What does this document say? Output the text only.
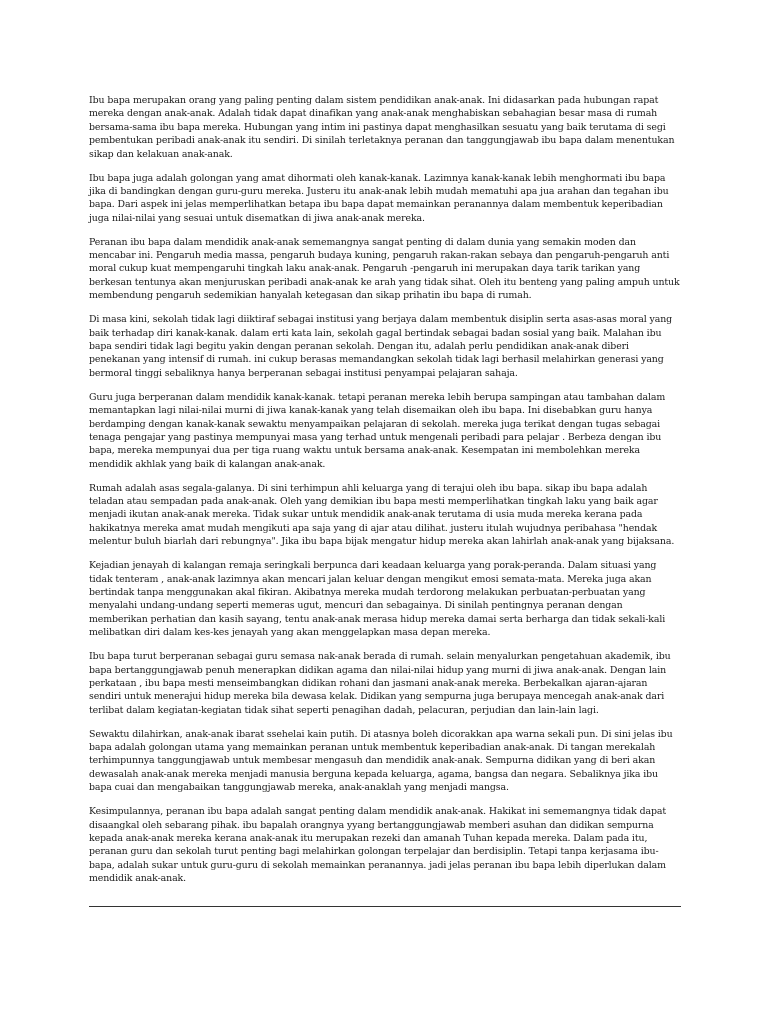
Ibu bapa merupakan orang yang paling penting dalam sistem pendidikan anak-anak. Ini didasarkan pada hubungan rapat mereka dengan anak-anak. Adalah tidak dapat dinafikan yang anak-anak menghabiskan sebahagian besar masa di rumah bersama-sama ibu bapa mereka. Hubungan yang intim ini pastinya dapat menghasilkan sesuatu yang baik terutama di segi pembentukan peribadi anak-anak itu sendiri. Di sinilah terletaknya peranan dan tanggungjawab ibu bapa dalam menentukan sikap dan kelakuan anak-anak.

Ibu bapa juga adalah golongan yang amat dihormati oleh kanak-kanak. Lazimnya kanak-kanak lebih menghormati ibu bapa jika di bandingkan dengan guru-guru mereka. Justeru itu anak-anak lebih mudah mematuhi apa jua arahan dan tegahan ibu bapa. Dari aspek ini jelas memperlihatkan betapa ibu bapa dapat memainkan peranannya dalam membentuk keperibadian juga nilai-nilai yang sesuai untuk disematkan di jiwa anak-anak mereka.

Peranan ibu bapa dalam mendidik anak-anak sememangnya sangat penting di dalam dunia yang semakin moden dan mencabar ini. Pengaruh media massa, pengaruh budaya kuning, pengaruh rakan-rakan sebaya dan pengaruh-pengaruh anti moral cukup kuat mempengaruhi tingkah laku anak-anak. Pengaruh -pengaruh ini merupakan daya tarik tarikan yang berkesan tentunya akan menjuruskan peribadi anak-anak ke arah yang tidak sihat. Oleh itu benteng yang paling ampuh untuk membendung pengaruh sedemikian hanyalah ketegasan dan sikap prihatin ibu bapa di rumah.

Di masa kini, sekolah tidak lagi diiktiraf sebagai institusi yang berjaya dalam membentuk disiplin serta asas-asas moral yang baik terhadap diri kanak-kanak. dalam erti kata lain, sekolah gagal bertindak sebagai badan sosial yang baik. Malahan ibu bapa sendiri tidak lagi begitu yakin dengan peranan sekolah. Dengan itu, adalah perlu pendidikan anak-anak diberi penekanan yang intensif di rumah. ini cukup berasas memandangkan sekolah tidak lagi berhasil melahirkan generasi yang bermoral tinggi sebaliknya hanya berperanan sebagai institusi penyampai pelajaran sahaja.

Guru juga berperanan dalam mendidik kanak-kanak. tetapi peranan mereka lebih berupa sampingan atau tambahan dalam memantapkan lagi nilai-nilai murni di jiwa kanak-kanak yang telah disemaikan oleh ibu bapa. Ini disebabkan guru hanya berdamping dengan kanak-kanak sewaktu menyampaikan pelajaran di sekolah. mereka juga terikat dengan tugas sebagai tenaga pengajar yang pastinya mempunyai masa yang terhad untuk mengenali peribadi para pelajar . Berbeza dengan ibu bapa, mereka mempunyai dua per tiga ruang waktu untuk bersama anak-anak. Kesempatan ini membolehkan mereka mendidik akhlak yang baik di kalangan anak-anak.

Rumah adalah asas segala-galanya. Di sini terhimpun ahli keluarga yang di terajui oleh ibu bapa. sikap ibu bapa adalah teladan atau sempadan pada anak-anak. Oleh yang demikian ibu bapa mesti memperlihatkan tingkah laku yang baik agar menjadi ikutan anak-anak mereka. Tidak sukar untuk mendidik anak-anak terutama di usia muda mereka kerana pada hakikatnya mereka amat mudah mengikuti apa saja yang di ajar atau dilihat. justeru itulah wujudnya peribahasa "hendak melentur buluh biarlah dari rebungnya". Jika ibu bapa bijak mengatur hidup mereka akan lahirlah anak-anak yang bijaksana.

Kejadian jenayah di kalangan remaja seringkali berpunca dari keadaan keluarga yang porak-peranda. Dalam situasi yang tidak tenteram , anak-anak lazimnya akan mencari jalan keluar dengan mengikut emosi semata-mata. Mereka juga akan bertindak tanpa menggunakan akal fikiran. Akibatnya mereka mudah terdorong melakukan perbuatan-perbuatan yang menyalahi undang-undang seperti memeras ugut, mencuri dan sebagainya. Di sinilah pentingnya peranan dengan memberikan perhatian dan kasih sayang, tentu anak-anak merasa hidup mereka damai serta berharga dan tidak sekali-kali melibatkan diri dalam kes-kes jenayah yang akan menggelapkan masa depan mereka.

Ibu bapa turut berperanan sebagai guru semasa nak-anak berada di rumah. selain menyalurkan pengetahuan akademik, ibu bapa bertanggungjawab penuh menerapkan didikan agama dan nilai-nilai hidup yang murni di jiwa anak-anak. Dengan lain perkataan , ibu bapa mesti menseimbangkan didikan rohani dan jasmani anak-anak mereka. Berbekalkan ajaran-ajaran sendiri untuk menerajui hidup mereka bila dewasa kelak. Didikan yang sempurna juga berupaya mencegah anak-anak dari terlibat dalam kegiatan-kegiatan tidak sihat seperti penagihan dadah, pelacuran, perjudian dan lain-lain lagi.

Sewaktu dilahirkan, anak-anak ibarat ssehelai kain putih. Di atasnya boleh dicorakkan apa warna sekali pun. Di sini jelas ibu bapa adalah golongan utama yang memainkan peranan untuk membentuk keperibadian anak-anak. Di tangan merekalah terhimpunnya tanggungjawab untuk membesar mengasuh dan mendidik anak-anak. Sempurna didikan yang di beri akan dewasalah anak-anak mereka menjadi manusia berguna kepada keluarga, agama, bangsa dan negara. Sebaliknya jika ibu bapa cuai dan mengabaikan tanggungjawab mereka, anak-anaklah yang menjadi mangsa.

Kesimpulannya, peranan ibu bapa adalah sangat penting dalam mendidik anak-anak. Hakikat ini sememangnya tidak dapat disaangkal oleh sebarang pihak. ibu bapalah orangnya yyang bertanggungjawab memberi asuhan dan didikan sempurna kepada anak-anak mereka kerana anak-anak itu merupakan rezeki dan amanah Tuhan kepada mereka. Dalam pada itu, peranan guru dan sekolah turut penting bagi melahirkan golongan terpelajar dan berdisiplin. Tetapi tanpa kerjasama ibu-bapa, adalah sukar untuk guru-guru di sekolah memainkan peranannya. jadi jelas peranan ibu bapa lebih diperlukan dalam mendidik anak-anak.
